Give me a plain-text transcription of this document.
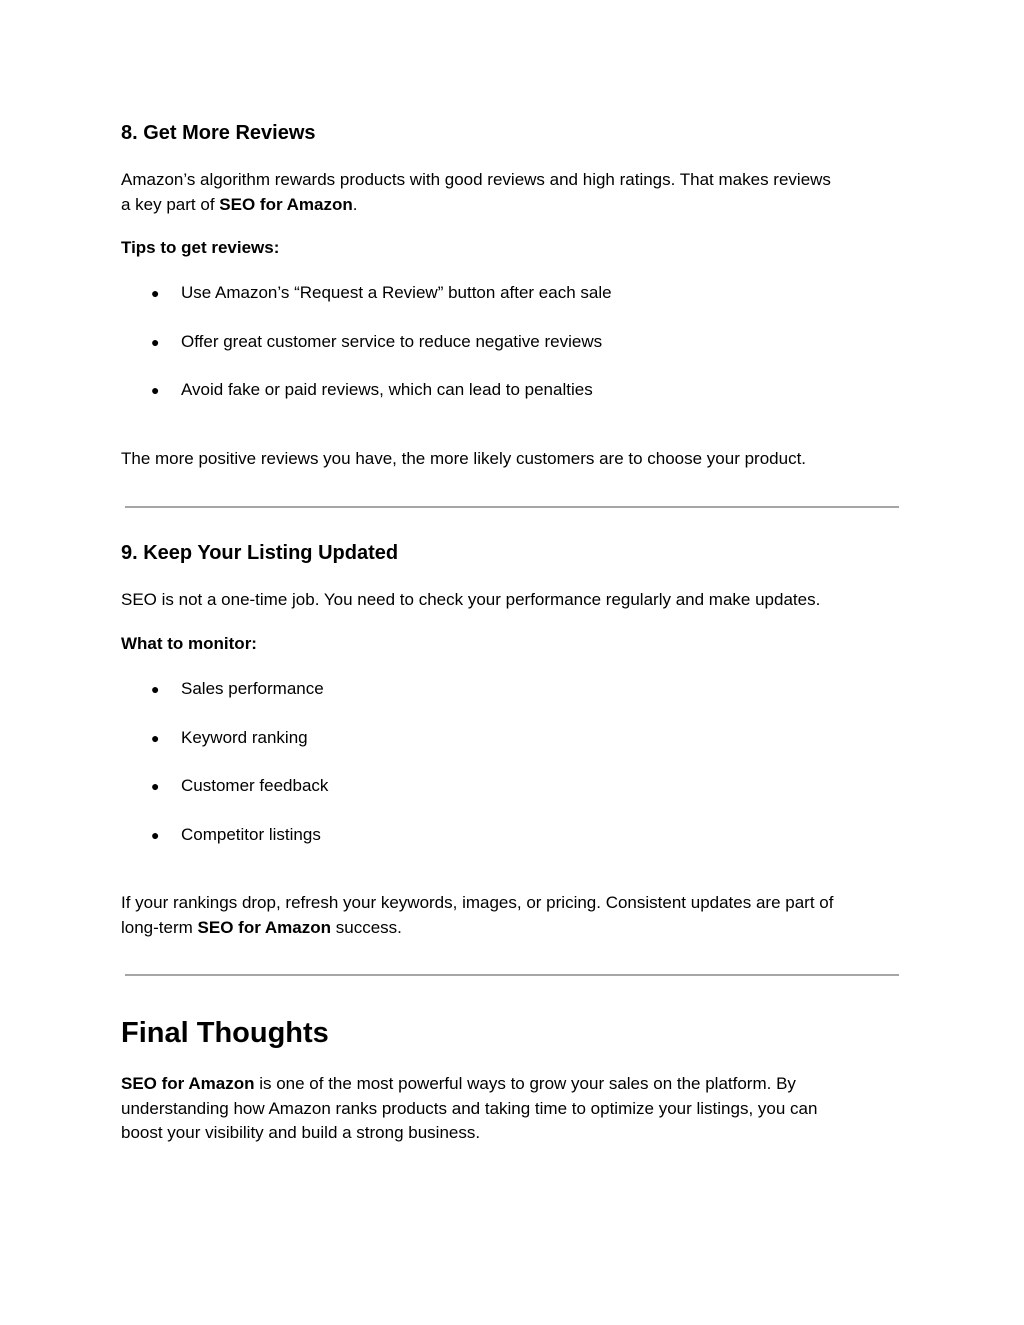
8. Get More Reviews
Amazon’s algorithm rewards products with good reviews and high ratings. That makes reviews
a key part of SEO for Amazon.
Tips to get reviews:
● Use Amazon’s “Request a Review” button after each sale
● Offer great customer service to reduce negative reviews
● Avoid fake or paid reviews, which can lead to penalties
The more positive reviews you have, the more likely customers are to choose your product.
9. Keep Your Listing Updated
SEO is not a one-time job. You need to check your performance regularly and make updates.
What to monitor:
● Sales performance
● Keyword ranking
● Customer feedback
● Competitor listings
If your rankings drop, refresh your keywords, images, or pricing. Consistent updates are part of
long-term SEO for Amazon success.
Final Thoughts
SEO for Amazon is one of the most powerful ways to grow your sales on the platform. By
understanding how Amazon ranks products and taking time to optimize your listings, you can
boost your visibility and build a strong business.
